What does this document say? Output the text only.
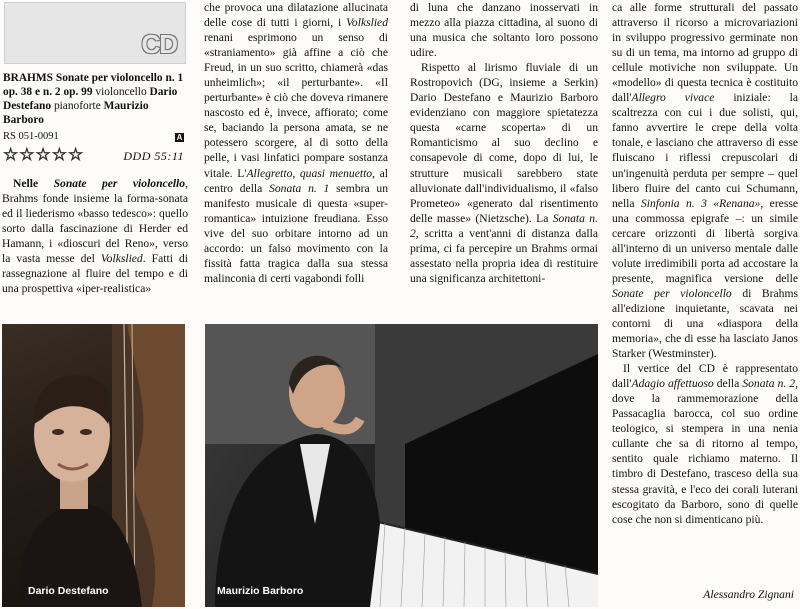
CD

BRAHMS Sonate per violoncello n. 1 op. 38 e n. 2 op. 99 violoncello Dario Destefano pianoforte Maurizio Barboro

RS 051-0091	A
☆☆☆☆☆	DDD 55:11

Nelle Sonate per violoncello, Brahms fonde insieme la forma-sonata ed il liederismo «basso tedesco»: quello sorto dalla fascinazione di Herder ed Hamann, i «dioscuri del Reno», verso la vasta messe del Volkslied. Fatti di rassegnazione al fluire del tempo e di una prospettiva «iper-realistica»

che provoca una dilatazione allucinata delle cose di tutti i giorni, i Volkslied renani esprimono un senso di «straniamento» già affine a ciò che Freud, in un suo scritto, chiamerà «das unheimlich»; «il perturbante». «Il perturbante» è ciò che doveva rimanere nascosto ed è, invece, affiorato; come se, baciando la persona amata, se ne potessero scorgere, al di sotto della pelle, i vasi linfatici pompare sostanza vitale. L'Allegretto, quasi menuetto, al centro della Sonata n. 1 sembra un manifesto musicale di questa «super-romantica» intuizione freudiana. Esso vive del suo orbitare intorno ad un accordo: un falso movimento con la fissità fatta tragica dalla sua stessa malinconia di certi vagabondi folli

di luna che danzano inosservati in mezzo alla piazza cittadina, al suono di una musica che soltanto loro possono udire.

Rispetto al lirismo fluviale di un Rostropovich (DG, insieme a Serkin) Dario Destefano e Maurizio Barboro evidenziano con maggiore spietatezza questa «carne scoperta» di un Romanticismo al suo declino e consapevole di come, dopo di lui, le strutture musicali sarebbero state alluvionate dall'individualismo, il «falso Prometeo» «generato dal risentimento delle masse» (Nietzsche). La Sonata n. 2, scritta a vent'anni di distanza dalla prima, ci fa percepire un Brahms ormai assestato nella propria idea di restituire una significanza architettoni-

ca alle forme strutturali del passato attraverso il ricorso a microvariazioni in sviluppo progressivo germinate non su di un tema, ma intorno ad gruppo di cellule motiviche non sviluppate. Un «modello» di questa tecnica è costituito dall'Allegro vivace iniziale: la scaltrezza con cui i due solisti, qui, fanno avvertire le crepe della volta tonale, e lasciano che attraverso di esse fluiscano i riflessi crepuscolari di un'ingenuità perduta per sempre – quel libero fluire del canto cui Schumann, nella Sinfonia n. 3 «Renana», eresse una commossa epigrafe –: un simile cercare orizzonti di libertà sorgiva all'interno di un universo mentale dalle volute irredimibili porta ad accostare la presente, magnifica versione delle Sonate per violoncello di Brahms all'edizione inquietante, scavata nei contorni di una «diaspora della memoria», che di esse ha lasciato Janos Starker (Westminster).

Il vertice del CD è rappresentato dall'Adagio affettuoso della Sonata n. 2, dove la rammemorazione della Passacaglia barocca, col suo ordine teologico, si stempera in una nenia cullante che sa di ritorno al tempo, sentito quale richiamo materno. Il timbro di Destefano, trasceso della sua stessa gravità, e l'eco dei corali luterani escogitato da Barboro, sono di quelle cose che non si dimenticano più.

Dario Destefano	Maurizio Barboro	Alessandro Zignani
